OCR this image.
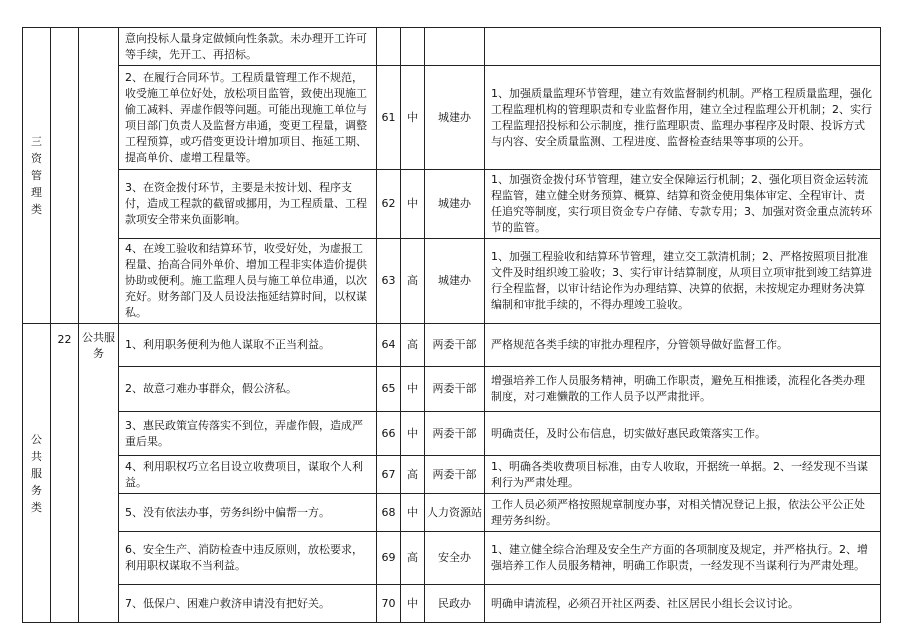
三资管理类			意向投标人量身定做倾向性条款。未办理开工许可等手续，先开工、再招标。				
			2、在履行合同环节。工程质量管理工作不规范，收受施工单位好处，放松项目监管，致使出现施工偷工减料、弄虚作假等问题。可能出现施工单位与项目部门负责人及监督方串通，变更工程量，调整工程预算，或巧借变更设计增加项目、拖延工期、提高单价、虚增工程量等。	61	中	城建办	1、加强质量监理环节管理，建立有效监督制约机制。严格工程质量监理，强化工程监理机构的管理职责和专业监督作用，建立全过程监理公开机制；2、实行工程监理招投标和公示制度，推行监理职责、监理办事程序及时限、投诉方式与内容、安全质量监测、工程进度、监督检查结果等事项的公开。
			3、在资金拨付环节，主要是未按计划、程序支付，造成工程款的截留或挪用，为工程质量、工程款项安全带来负面影响。	62	中	城建办	1、加强资金拨付环节管理，建立安全保障运行机制；2、强化项目资金运转流程监管，建立健全财务预算、概算、结算和资金使用集体审定、全程审计、责任追究等制度，实行项目资金专户存储、专款专用；3、加强对资金重点流转环节的监管。
			4、在竣工验收和结算环节，收受好处，为虚报工程量、抬高合同外单价、增加工程非实体造价提供协助或便利。施工监理人员与施工单位串通，以次充好。财务部门及人员设法拖延结算时间，以权谋私。	63	高	城建办	1、加强工程验收和结算环节管理，建立交工款清机制；2、严格按照项目批准文件及时组织竣工验收；3、实行审计结算制度，从项目立项审批到竣工结算进行全程监督，以审计结论作为办理结算、决算的依据，未按规定办理财务决算编制和审批手续的，不得办理竣工验收。
公共服务类	22	公共服务	1、利用职务便利为他人谋取不正当利益。	64	高	两委干部	严格规范各类手续的审批办理程序，分管领导做好监督工作。
			2、故意刁难办事群众，假公济私。	65	中	两委干部	增强培养工作人员服务精神，明确工作职责，避免互相推诿，流程化各类办理制度，对刁难懒散的工作人员予以严肃批评。
			3、惠民政策宣传落实不到位，弄虚作假，造成严重后果。	66	中	两委干部	明确责任，及时公布信息，切实做好惠民政策落实工作。
			4、利用职权巧立名目设立收费项目，谋取个人利益。	67	高	两委干部	1、明确各类收费项目标准，由专人收取，开据统一单据。2、一经发现不当谋利行为严肃处理。
			5、没有依法办事，劳务纠纷中偏帮一方。	68	中	人力资源站	工作人员必须严格按照规章制度办事，对相关情况登记上报，依法公平公正处理劳务纠纷。
			6、安全生产、消防检查中违反原则，放松要求，利用职权谋取不当利益。	69	高	安全办	1、建立健全综合治理及安全生产方面的各项制度及规定，并严格执行。2、增强培养工作人员服务精神，明确工作职责，一经发现不当谋利行为严肃处理。
			7、低保户、困难户救济申请没有把好关。	70	中	民政办	明确申请流程，必须召开社区两委、社区居民小组长会议讨论。
